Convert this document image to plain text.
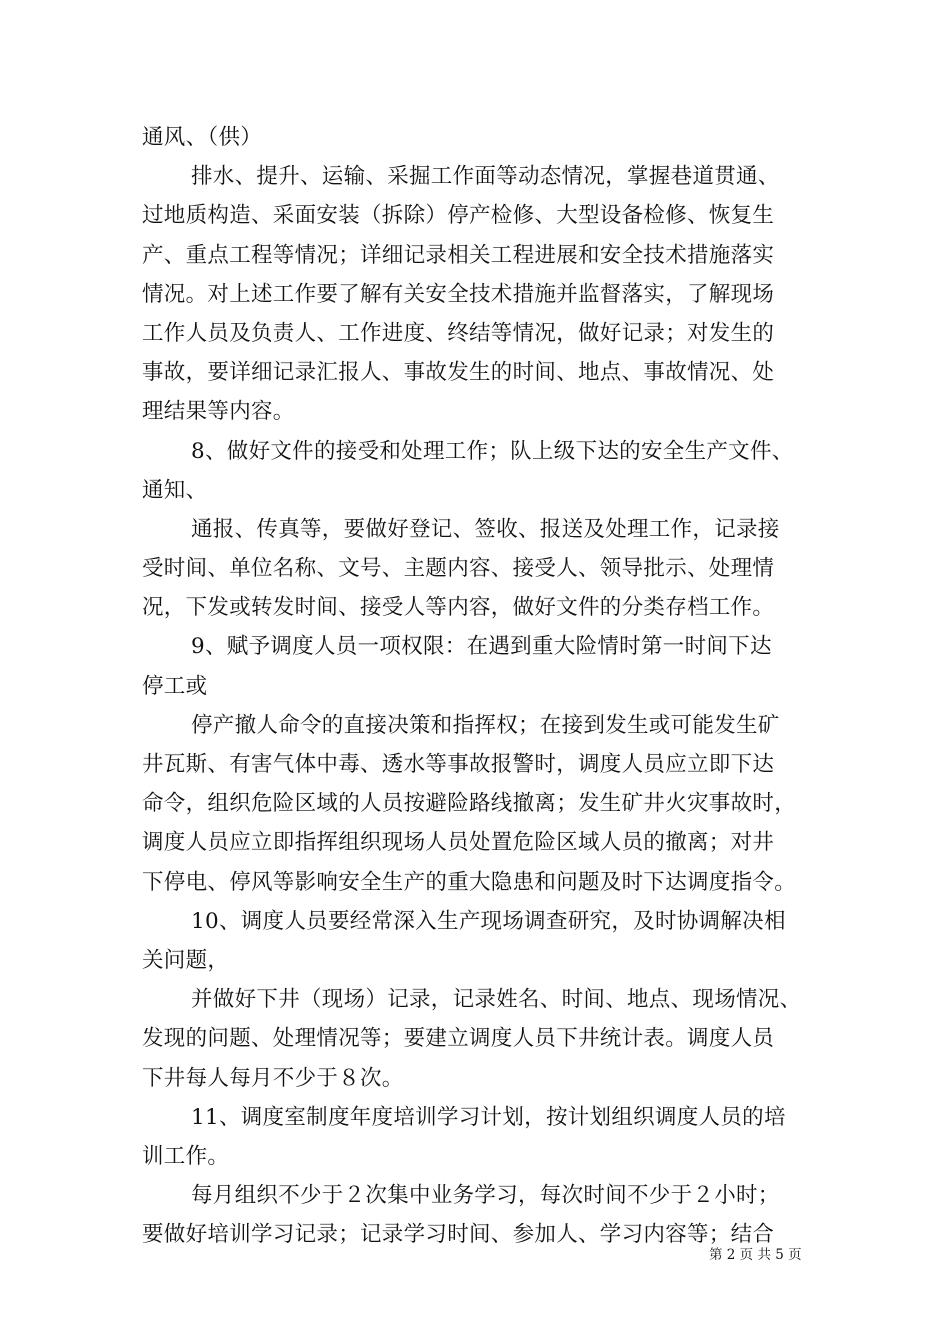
通风、（供）
排水、提升、运输、采掘工作面等动态情况，掌握巷道贯通、
过地质构造、采面安装（拆除）停产检修、大型设备检修、恢复生
产、重点工程等情况；详细记录相关工程进展和安全技术措施落实
情况。对上述工作要了解有关安全技术措施并监督落实，了解现场
工作人员及负责人、工作进度、终结等情况，做好记录；对发生的
事故，要详细记录汇报人、事故发生的时间、地点、事故情况、处
理结果等内容。
8、做好文件的接受和处理工作；队上级下达的安全生产文件、
通知、
通报、传真等，要做好登记、签收、报送及处理工作，记录接
受时间、单位名称、文号、主题内容、接受人、领导批示、处理情
况，下发或转发时间、接受人等内容，做好文件的分类存档工作。
9、赋予调度人员一项权限：在遇到重大险情时第一时间下达
停工或
停产撤人命令的直接决策和指挥权；在接到发生或可能发生矿
井瓦斯、有害气体中毒、透水等事故报警时，调度人员应立即下达
命令，组织危险区域的人员按避险路线撤离；发生矿井火灾事故时，
调度人员应立即指挥组织现场人员处置危险区域人员的撤离；对井
下停电、停风等影响安全生产的重大隐患和问题及时下达调度指令。
10、调度人员要经常深入生产现场调查研究，及时协调解决相
关问题，
并做好下井（现场）记录，记录姓名、时间、地点、现场情况、
发现的问题、处理情况等；要建立调度人员下井统计表。调度人员
下井每人每月不少于８次。
11、调度室制度年度培训学习计划，按计划组织调度人员的培
训工作。
每月组织不少于２次集中业务学习，每次时间不少于２小时；
要做好培训学习记录；记录学习时间、参加人、学习内容等；结合
第 2 页 共 5 页
